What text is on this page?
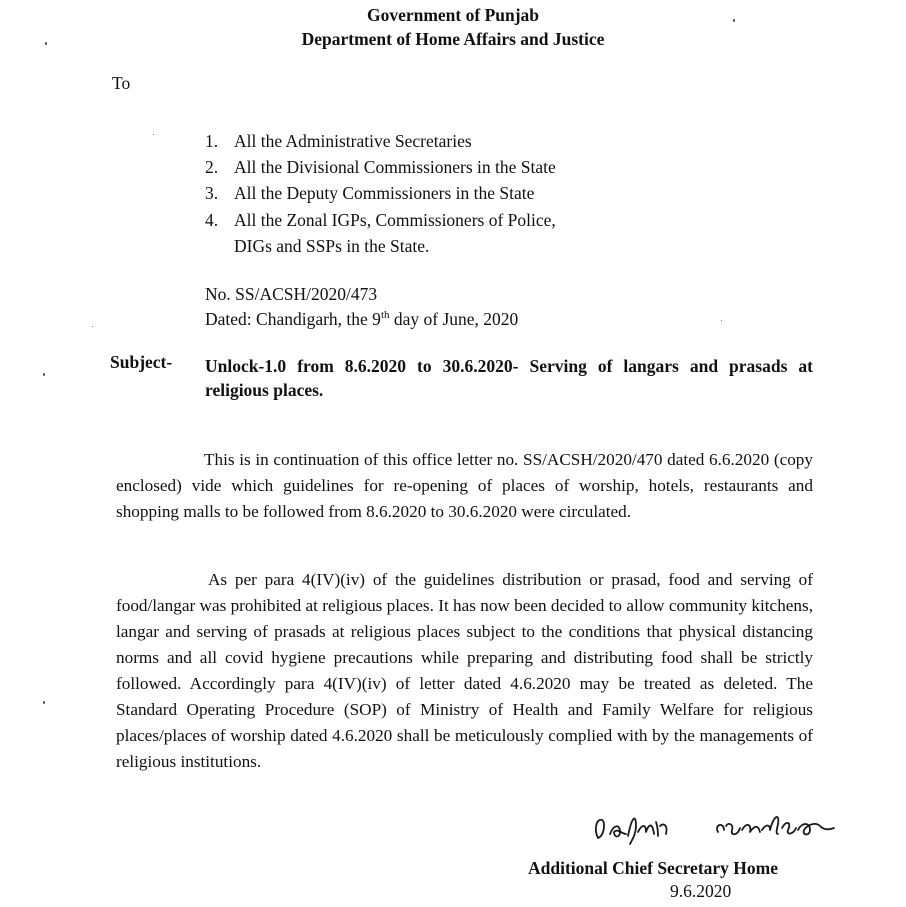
Government of Punjab
Department of Home Affairs and Justice
To
1. All the Administrative Secretaries
2. All the Divisional Commissioners in the State
3. All the Deputy Commissioners in the State
4. All the Zonal IGPs, Commissioners of Police,
DIGs and SSPs in the State.
No. SS/ACSH/2020/473
Dated: Chandigarh, the 9th day of June, 2020
Subject- Unlock-1.0 from 8.6.2020 to 30.6.2020- Serving of langars and prasads at religious places.
This is in continuation of this office letter no. SS/ACSH/2020/470 dated 6.6.2020 (copy enclosed) vide which guidelines for re-opening of places of worship, hotels, restaurants and shopping malls to be followed from 8.6.2020 to 30.6.2020 were circulated.
As per para 4(IV)(iv) of the guidelines distribution or prasad, food and serving of food/langar was prohibited at religious places. It has now been decided to allow community kitchens, langar and serving of prasads at religious places subject to the conditions that physical distancing norms and all covid hygiene precautions while preparing and distributing food shall be strictly followed. Accordingly para 4(IV)(iv) of letter dated 4.6.2020 may be treated as deleted. The Standard Operating Procedure (SOP) of Ministry of Health and Family Welfare for religious places/places of worship dated 4.6.2020 shall be meticulously complied with by the managements of religious institutions.
Additional Chief Secretary Home
9.6.2020
